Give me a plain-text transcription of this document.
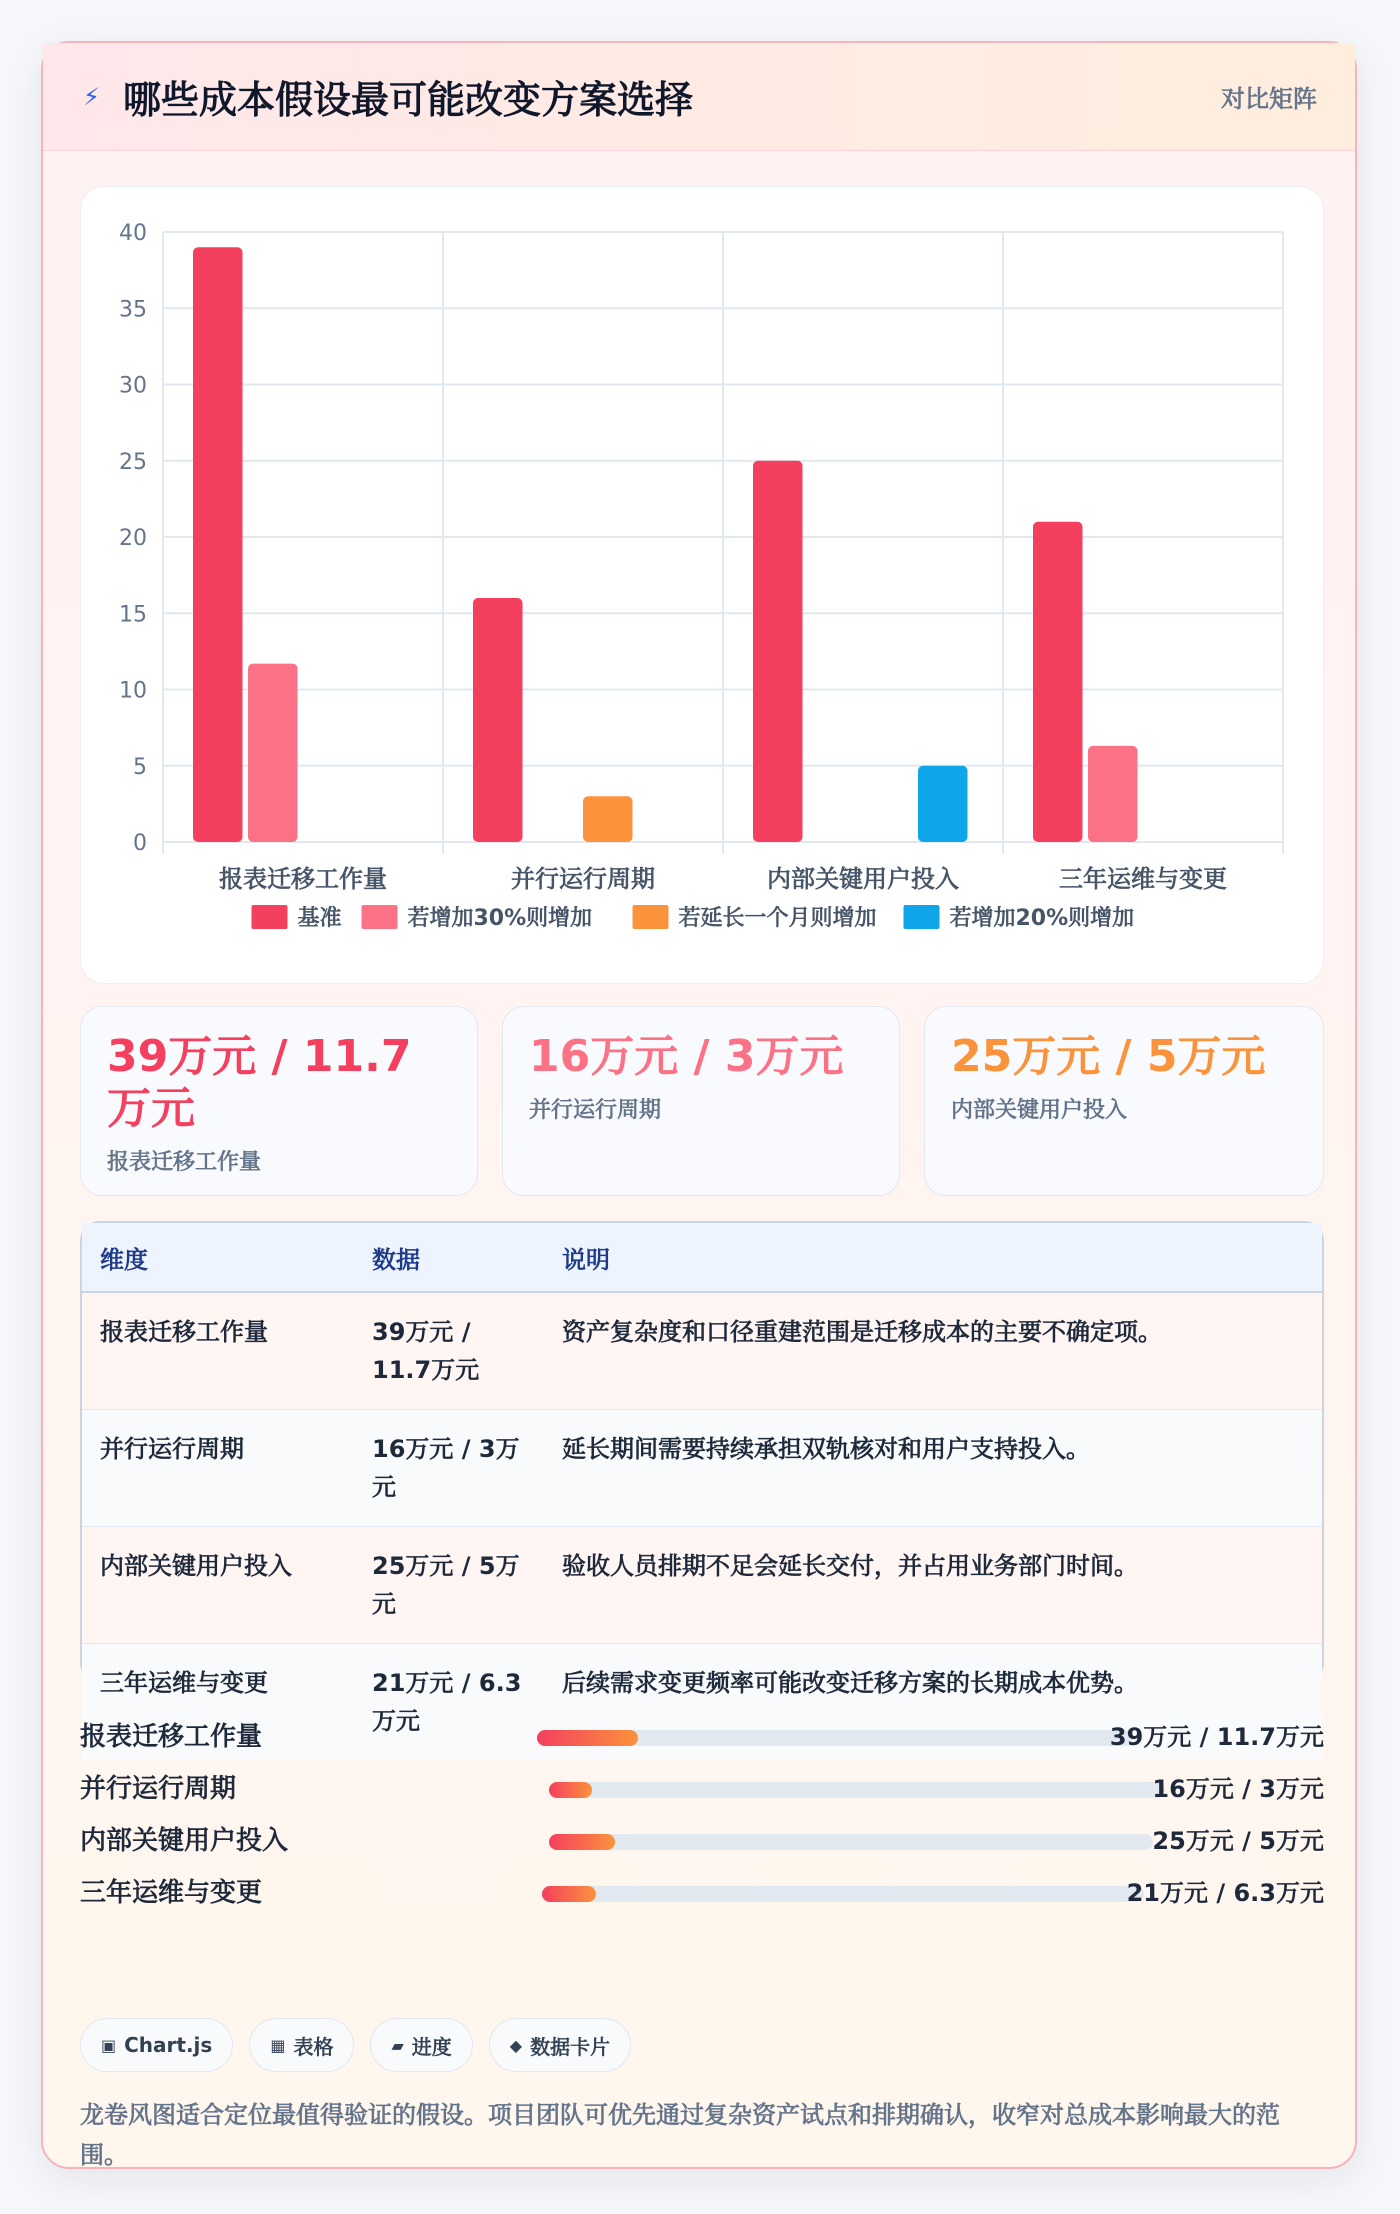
⚡ 哪些成本假设最可能改变方案选择	对比矩阵
0
5
10
15
20
25
30
35
40
报表迁移工作量	并行运行周期	内部关键用户投入	三年运维与变更
基准	若增加30%则增加	若延长一个月则增加	若增加20%则增加
39万元 / 11.7万元
报表迁移工作量
16万元 / 3万元
并行运行周期
25万元 / 5万元
内部关键用户投入
维度	数据	说明
报表迁移工作量	39万元 / 11.7万元	资产复杂度和口径重建范围是迁移成本的主要不确定项。
并行运行周期	16万元 / 3万元	延长期间需要持续承担双轨核对和用户支持投入。
内部关键用户投入	25万元 / 5万元	验收人员排期不足会延长交付，并占用业务部门时间。
三年运维与变更	21万元 / 6.3万元	后续需求变更频率可能改变迁移方案的长期成本优势。
报表迁移工作量	39万元 / 11.7万元
并行运行周期	16万元 / 3万元
内部关键用户投入	25万元 / 5万元
三年运维与变更	21万元 / 6.3万元
▣ Chart.js	▦ 表格	▰ 进度	◆ 数据卡片
龙卷风图适合定位最值得验证的假设。项目团队可优先通过复杂资产试点和排期确认，收窄对总成本影响最大的范围。
